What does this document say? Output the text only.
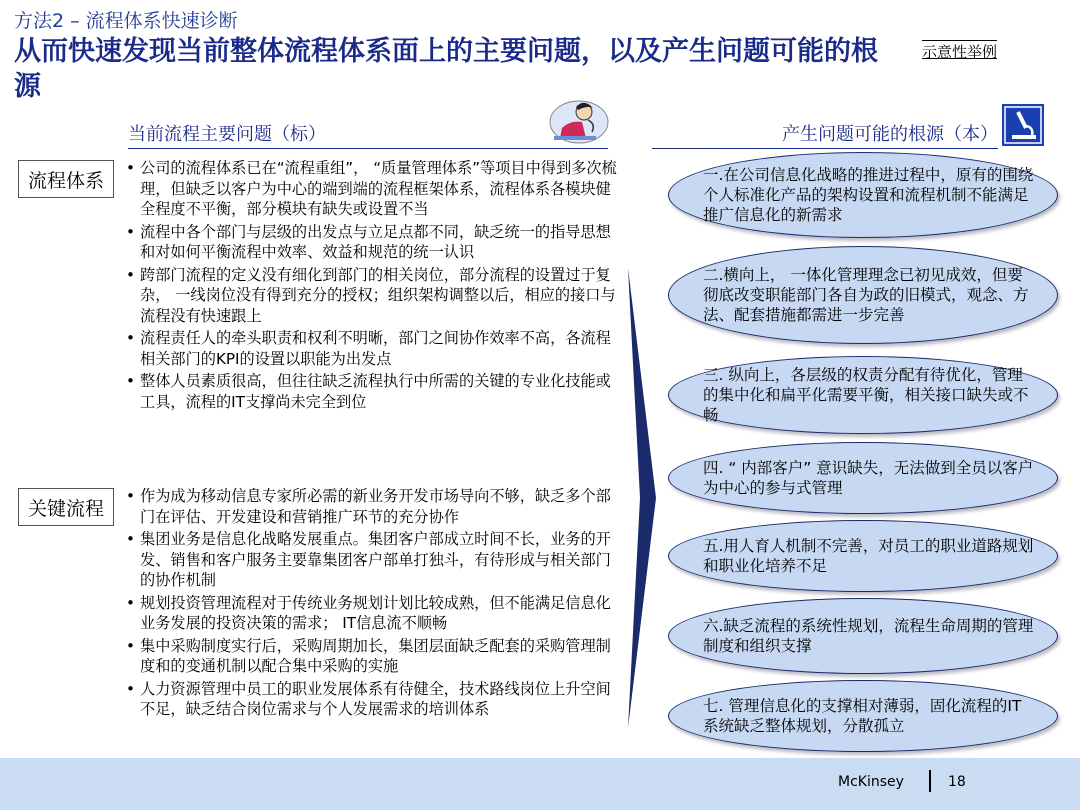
方法2 – 流程体系快速诊断
从而快速发现当前整体流程体系面上的主要问题，以及产生问题可能的根源
示意性举例
当前流程主要问题（标）	产生问题可能的根源（本）
流程体系
关键流程
• 公司的流程体系已在“流程重组”， “质量管理体系”等项目中得到多次梳理，但缺乏以客户为中心的端到端的流程框架体系，流程体系各模块健全程度不平衡，部分模块有缺失或设置不当
• 流程中各个部门与层级的出发点与立足点都不同，缺乏统一的指导思想和对如何平衡流程中效率、效益和规范的统一认识
• 跨部门流程的定义没有细化到部门的相关岗位，部分流程的设置过于复杂， 一线岗位没有得到充分的授权；组织架构调整以后，相应的接口与流程没有快速跟上
• 流程责任人的牵头职责和权利不明晰，部门之间协作效率不高，各流程相关部门的KPI的设置以职能为出发点
• 整体人员素质很高，但往往缺乏流程执行中所需的关键的专业化技能或工具，流程的IT支撑尚未完全到位
• 作为成为移动信息专家所必需的新业务开发市场导向不够，缺乏多个部门在评估、开发建设和营销推广环节的充分协作
• 集团业务是信息化战略发展重点。集团客户部成立时间不长，业务的开发、销售和客户服务主要靠集团客户部单打独斗，有待形成与相关部门的协作机制
• 规划投资管理流程对于传统业务规划计划比较成熟，但不能满足信息化业务发展的投资决策的需求； IT信息流不顺畅
• 集中采购制度实行后，采购周期加长，集团层面缺乏配套的采购管理制度和的变通机制以配合集中采购的实施
• 人力资源管理中员工的职业发展体系有待健全，技术路线岗位上升空间不足，缺乏结合岗位需求与个人发展需求的培训体系
一.在公司信息化战略的推进过程中，原有的围绕个人标准化产品的架构设置和流程机制不能满足推广信息化的新需求
二.横向上， 一体化管理理念已初见成效，但要彻底改变职能部门各自为政的旧模式，观念、方法、配套措施都需进一步完善
三. 纵向上，各层级的权责分配有待优化，管理的集中化和扁平化需要平衡，相关接口缺失或不畅
四. “ 内部客户” 意识缺失，无法做到全员以客户为中心的参与式管理
五.用人育人机制不完善，对员工的职业道路规划和职业化培养不足
六.缺乏流程的系统性规划，流程生命周期的管理制度和组织支撑
七. 管理信息化的支撑相对薄弱，固化流程的IT系统缺乏整体规划，分散孤立
McKinsey	18
